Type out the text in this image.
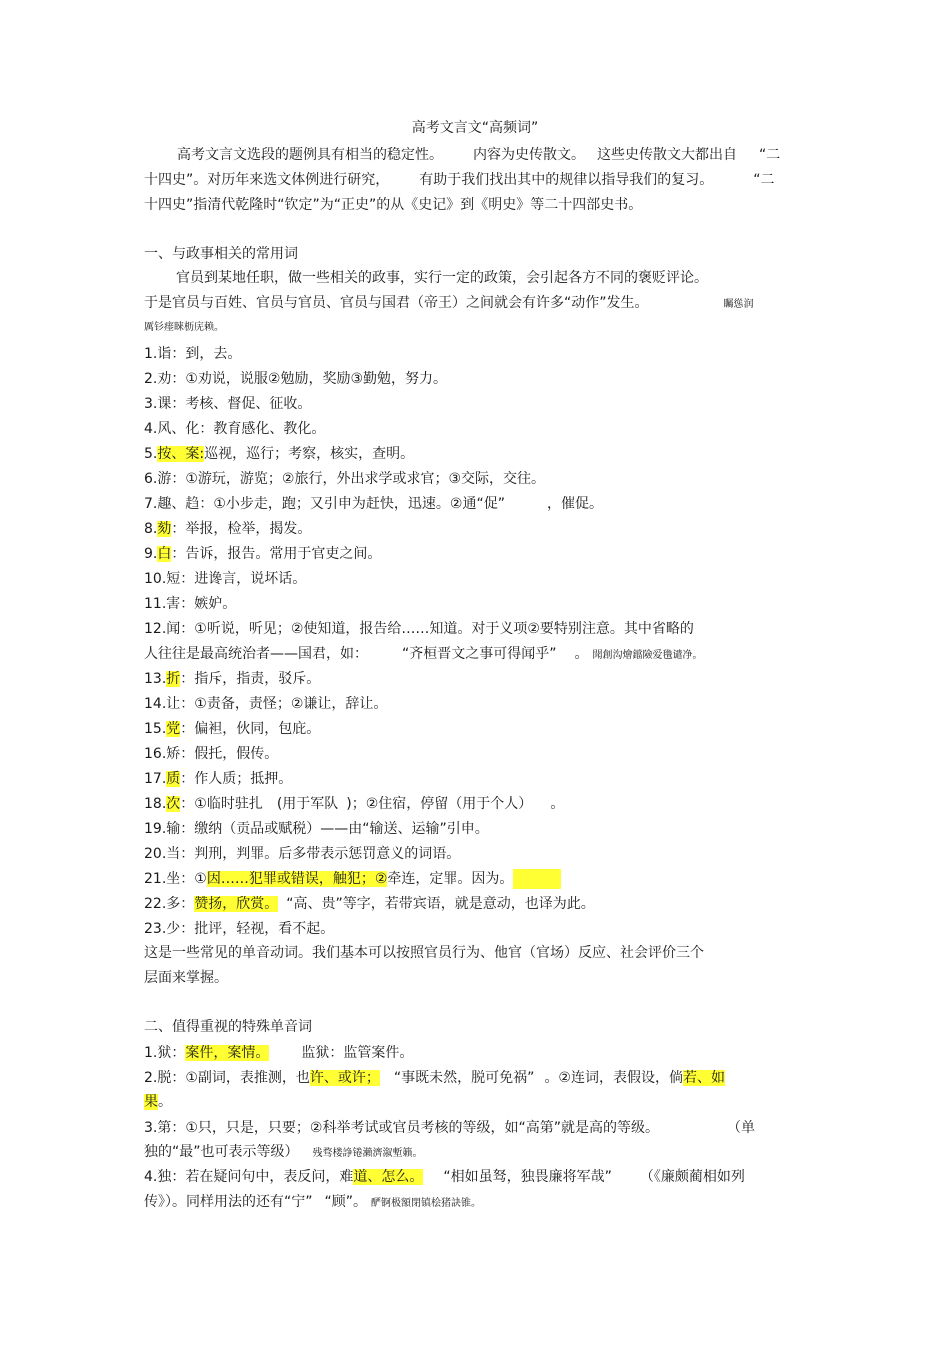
高考文言文“高频词”
高考文言文选段的题例具有相当的稳定性。 内容为史传散文。 这些史传散文大都出自 “二
十四史”。对历年来选文体例进行研究， 有助于我们找出其中的规律以指导我们的复习。	“二
十四史”指清代乾隆时“钦定”为“正史”的从《史记》到《明史》等二十四部史书。
一、与政事相关的常用词
官员到某地任职，做一些相关的政事，实行一定的政策，会引起各方不同的褒贬评论。
于是官员与百姓、官员与官员、官员与国君（帝王）之间就会有许多“动作”发生。	矚慫润
厲钐瘗睞枥庑赖。
1.诣：到，去。
2.劝：①劝说，说服②勉励，奖励③勤勉，努力。
3.课：考核、督促、征收。
4.风、化：教育感化、教化。
5.按、案:巡视，巡行；考察，核实，查明。
6.游：①游玩，游览；②旅行，外出求学或求官；③交际，交往。
7.趣、趋：①小步走，跑；又引申为赶快，迅速。②通“促”	，催促。
8.劾：举报，检举，揭发。
9.白：告诉，报告。常用于官吏之间。
10.短：进谗言，说坏话。
11.害：嫉妒。
12.闻：①听说，听见；②使知道，报告给……知道。对于义项②要特别注意。其中省略的
人往往是最高统治者——国君，如： “齐桓晋文之事可得闻乎” 。 聞創沟燴鐺險爱氇谴净。
13.折：指斥，指责，驳斥。
14.让：①责备，责怪；②谦让，辞让。
15.党：偏袒，伙同，包庇。
16.矫：假托，假传。
17.质：作人质；抵押。
18.次：①临时驻扎 (用于军队 )；②住宿，停留（用于个人） 。
19.输：缴纳（贡品或赋税）——由“输送、运输”引申。
20.当：判刑，判罪。后多带表示惩罚意义的词语。
21.坐：①因……犯罪或错误，触犯；②牵连，定罪。因为。
22.多：赞扬，欣赏。 “高、贵”等字，若带宾语，就是意动，也译为此。
23.少：批评，轻视，看不起。
这是一些常见的单音动词。我们基本可以按照官员行为、他官（官场）反应、社会评价三个
层面来掌握。
二、值得重视的特殊单音词
1.狱：案件，案情。 监狱：监管案件。
2.脱：①副词，表推测，也许、或许； “事既未然，脱可免祸” 。②连词，表假设，倘若、如
果。
3.第：①只，只是，只要；②科举考试或官员考核的等级，如“高第”就是高的等级。	（单
独的“最”也可表示等级） 残骛楼諍锩瀨濟溆塹籟。
4.独：若在疑问句中，表反问，难道、怎么。 “相如虽驽，独畏廉将军哉” （《廉颇蔺相如列
传》）。同样用法的还有“宁” “顾”。 酽锕极額閉镇桧猪訣锥。
